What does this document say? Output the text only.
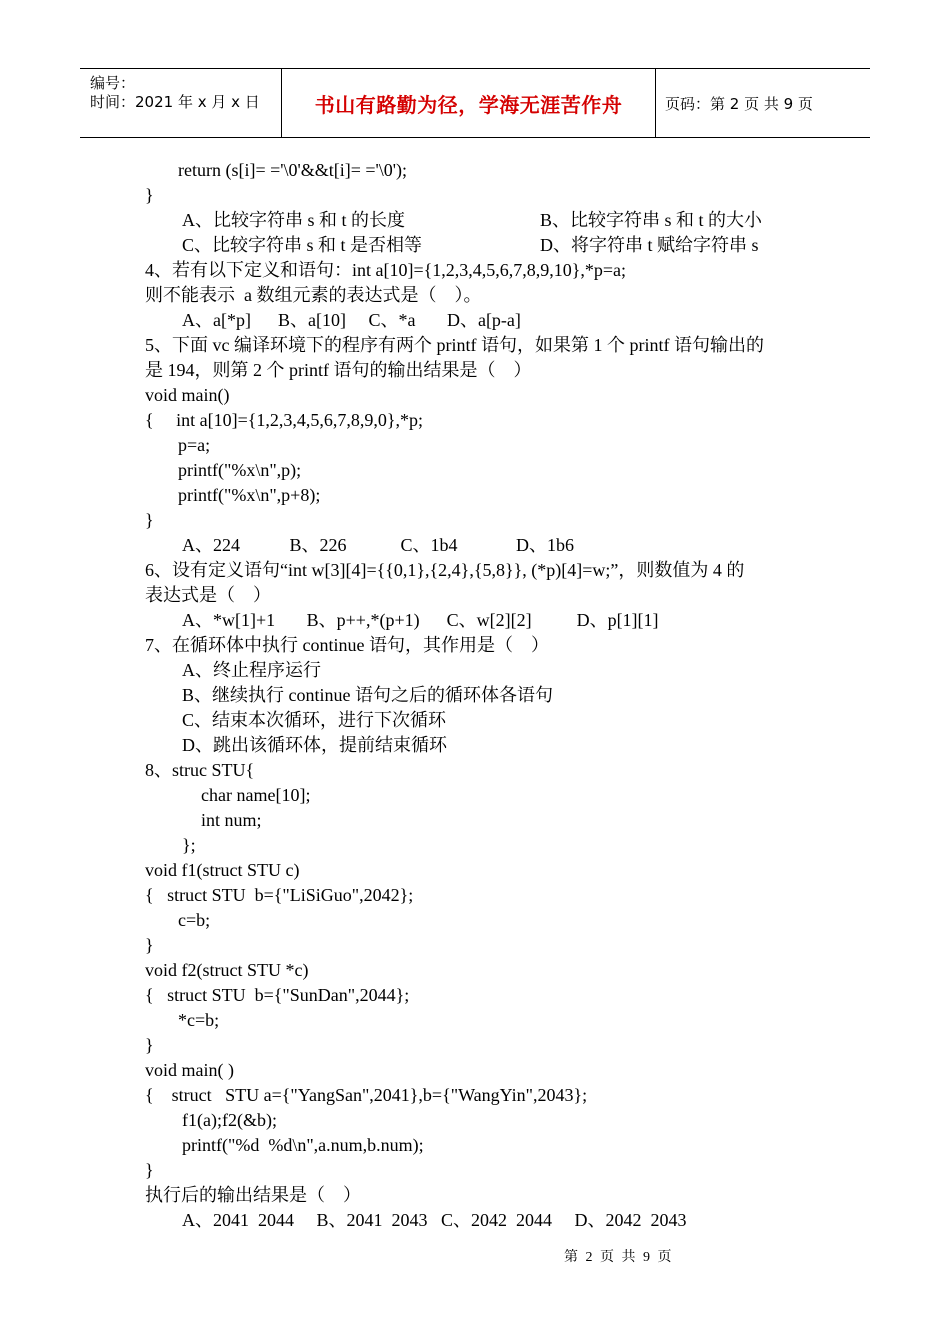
编号：
时间：2021 年 x 月 x 日	书山有路勤为径，学海无涯苦作舟	页码：第 2 页 共 9 页
return (s[i]= ='\0'&&t[i]= ='\0');
}
A、比较字符串 s 和 t 的长度	B、比较字符串 s 和 t 的大小
C、比较字符串 s 和 t 是否相等	D、将字符串 t 赋给字符串 s
4、若有以下定义和语句：int a[10]={1,2,3,4,5,6,7,8,9,10},*p=a;
则不能表示  a 数组元素的表达式是（    ）。
A、a[*p]      B、a[10]     C、*a       D、a[p-a]
5、下面 vc 编译环境下的程序有两个 printf 语句，如果第 1 个 printf 语句输出的
是 194，则第 2 个 printf 语句的输出结果是（    ）
void main()
{     int a[10]={1,2,3,4,5,6,7,8,9,0},*p;
p=a;
printf("%x\n",p);
printf("%x\n",p+8);
}
A、224           B、226            C、1b4             D、1b6
6、设有定义语句“int w[3][4]={{0,1},{2,4},{5,8}}, (*p)[4]=w;”，则数值为 4 的
表达式是（    ）
A、*w[1]+1       B、p++,*(p+1)      C、w[2][2]          D、p[1][1]
7、在循环体中执行 continue 语句，其作用是（    ）
A、终止程序运行
B、继续执行 continue 语句之后的循环体各语句
C、结束本次循环，进行下次循环
D、跳出该循环体，提前结束循环
8、struc STU{
char name[10];
int num;
};
void f1(struct STU c)
{   struct STU  b={"LiSiGuo",2042};
c=b;
}
void f2(struct STU *c)
{   struct STU  b={"SunDan",2044};
*c=b;
}
void main( )
{    struct   STU a={"YangSan",2041},b={"WangYin",2043};
f1(a);f2(&b);
printf("%d  %d\n",a.num,b.num);
}
执行后的输出结果是（    ）
A、2041  2044     B、2041  2043   C、2042  2044     D、2042  2043
第 2 页 共 9 页
